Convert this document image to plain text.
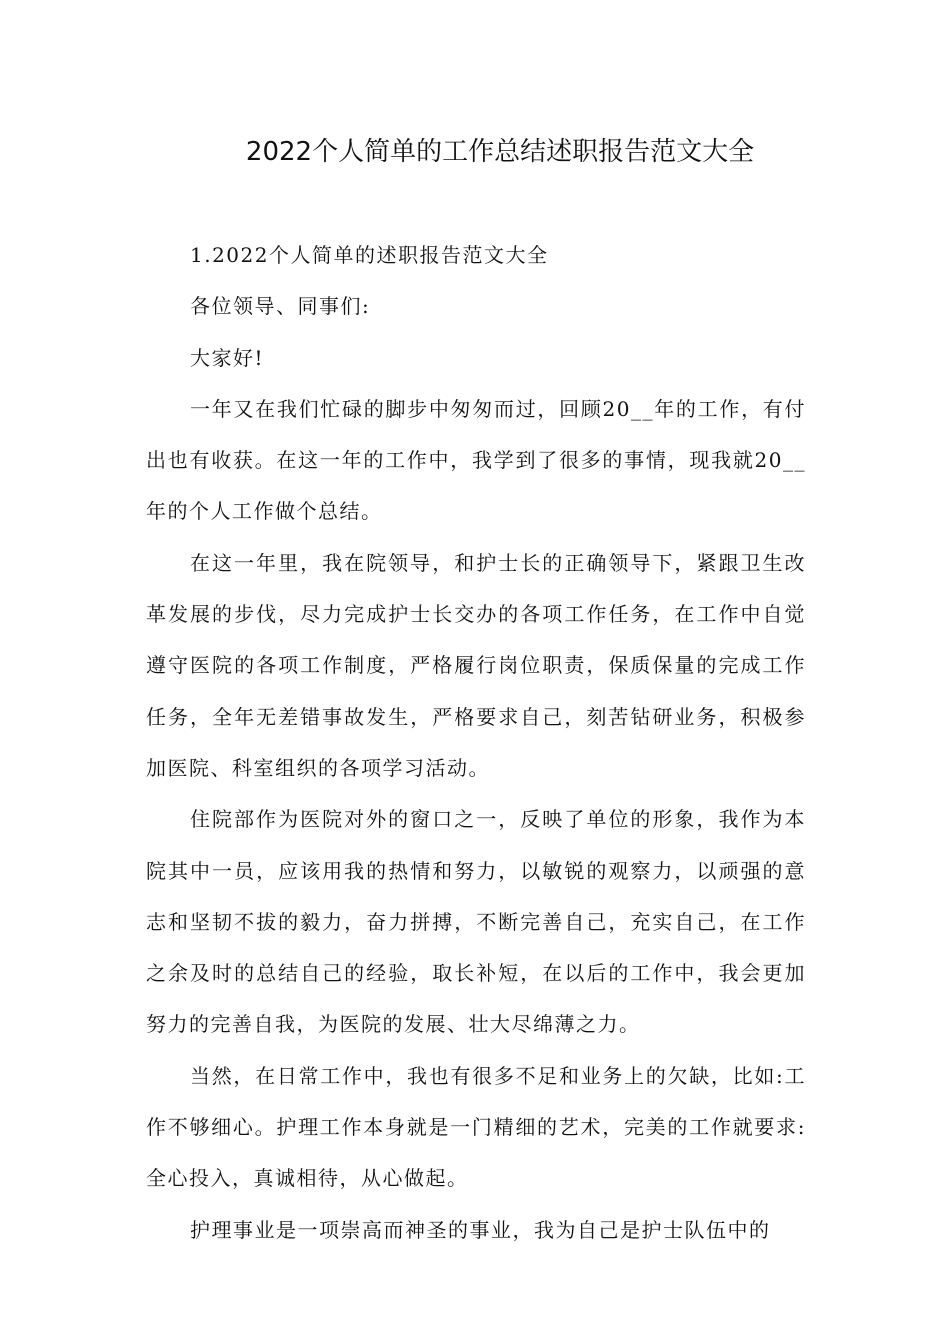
2022个人简单的工作总结述职报告范文大全

1.2022个人简单的述职报告范文大全

各位领导、同事们:

大家好!

一年又在我们忙碌的脚步中匆匆而过，回顾20__年的工作，有付出也有收获。在这一年的工作中，我学到了很多的事情，现我就20__年的个人工作做个总结。

在这一年里，我在院领导，和护士长的正确领导下，紧跟卫生改革发展的步伐，尽力完成护士长交办的各项工作任务，在工作中自觉遵守医院的各项工作制度，严格履行岗位职责，保质保量的完成工作任务，全年无差错事故发生，严格要求自己，刻苦钻研业务，积极参加医院、科室组织的各项学习活动。

住院部作为医院对外的窗口之一，反映了单位的形象，我作为本院其中一员，应该用我的热情和努力，以敏锐的观察力，以顽强的意志和坚韧不拔的毅力，奋力拼搏，不断完善自己，充实自己，在工作之余及时的总结自己的经验，取长补短，在以后的工作中，我会更加努力的完善自我，为医院的发展、壮大尽绵薄之力。

当然，在日常工作中，我也有很多不足和业务上的欠缺，比如:工作不够细心。护理工作本身就是一门精细的艺术，完美的工作就要求:全心投入，真诚相待，从心做起。

护理事业是一项崇高而神圣的事业，我为自己是护士队伍中的
